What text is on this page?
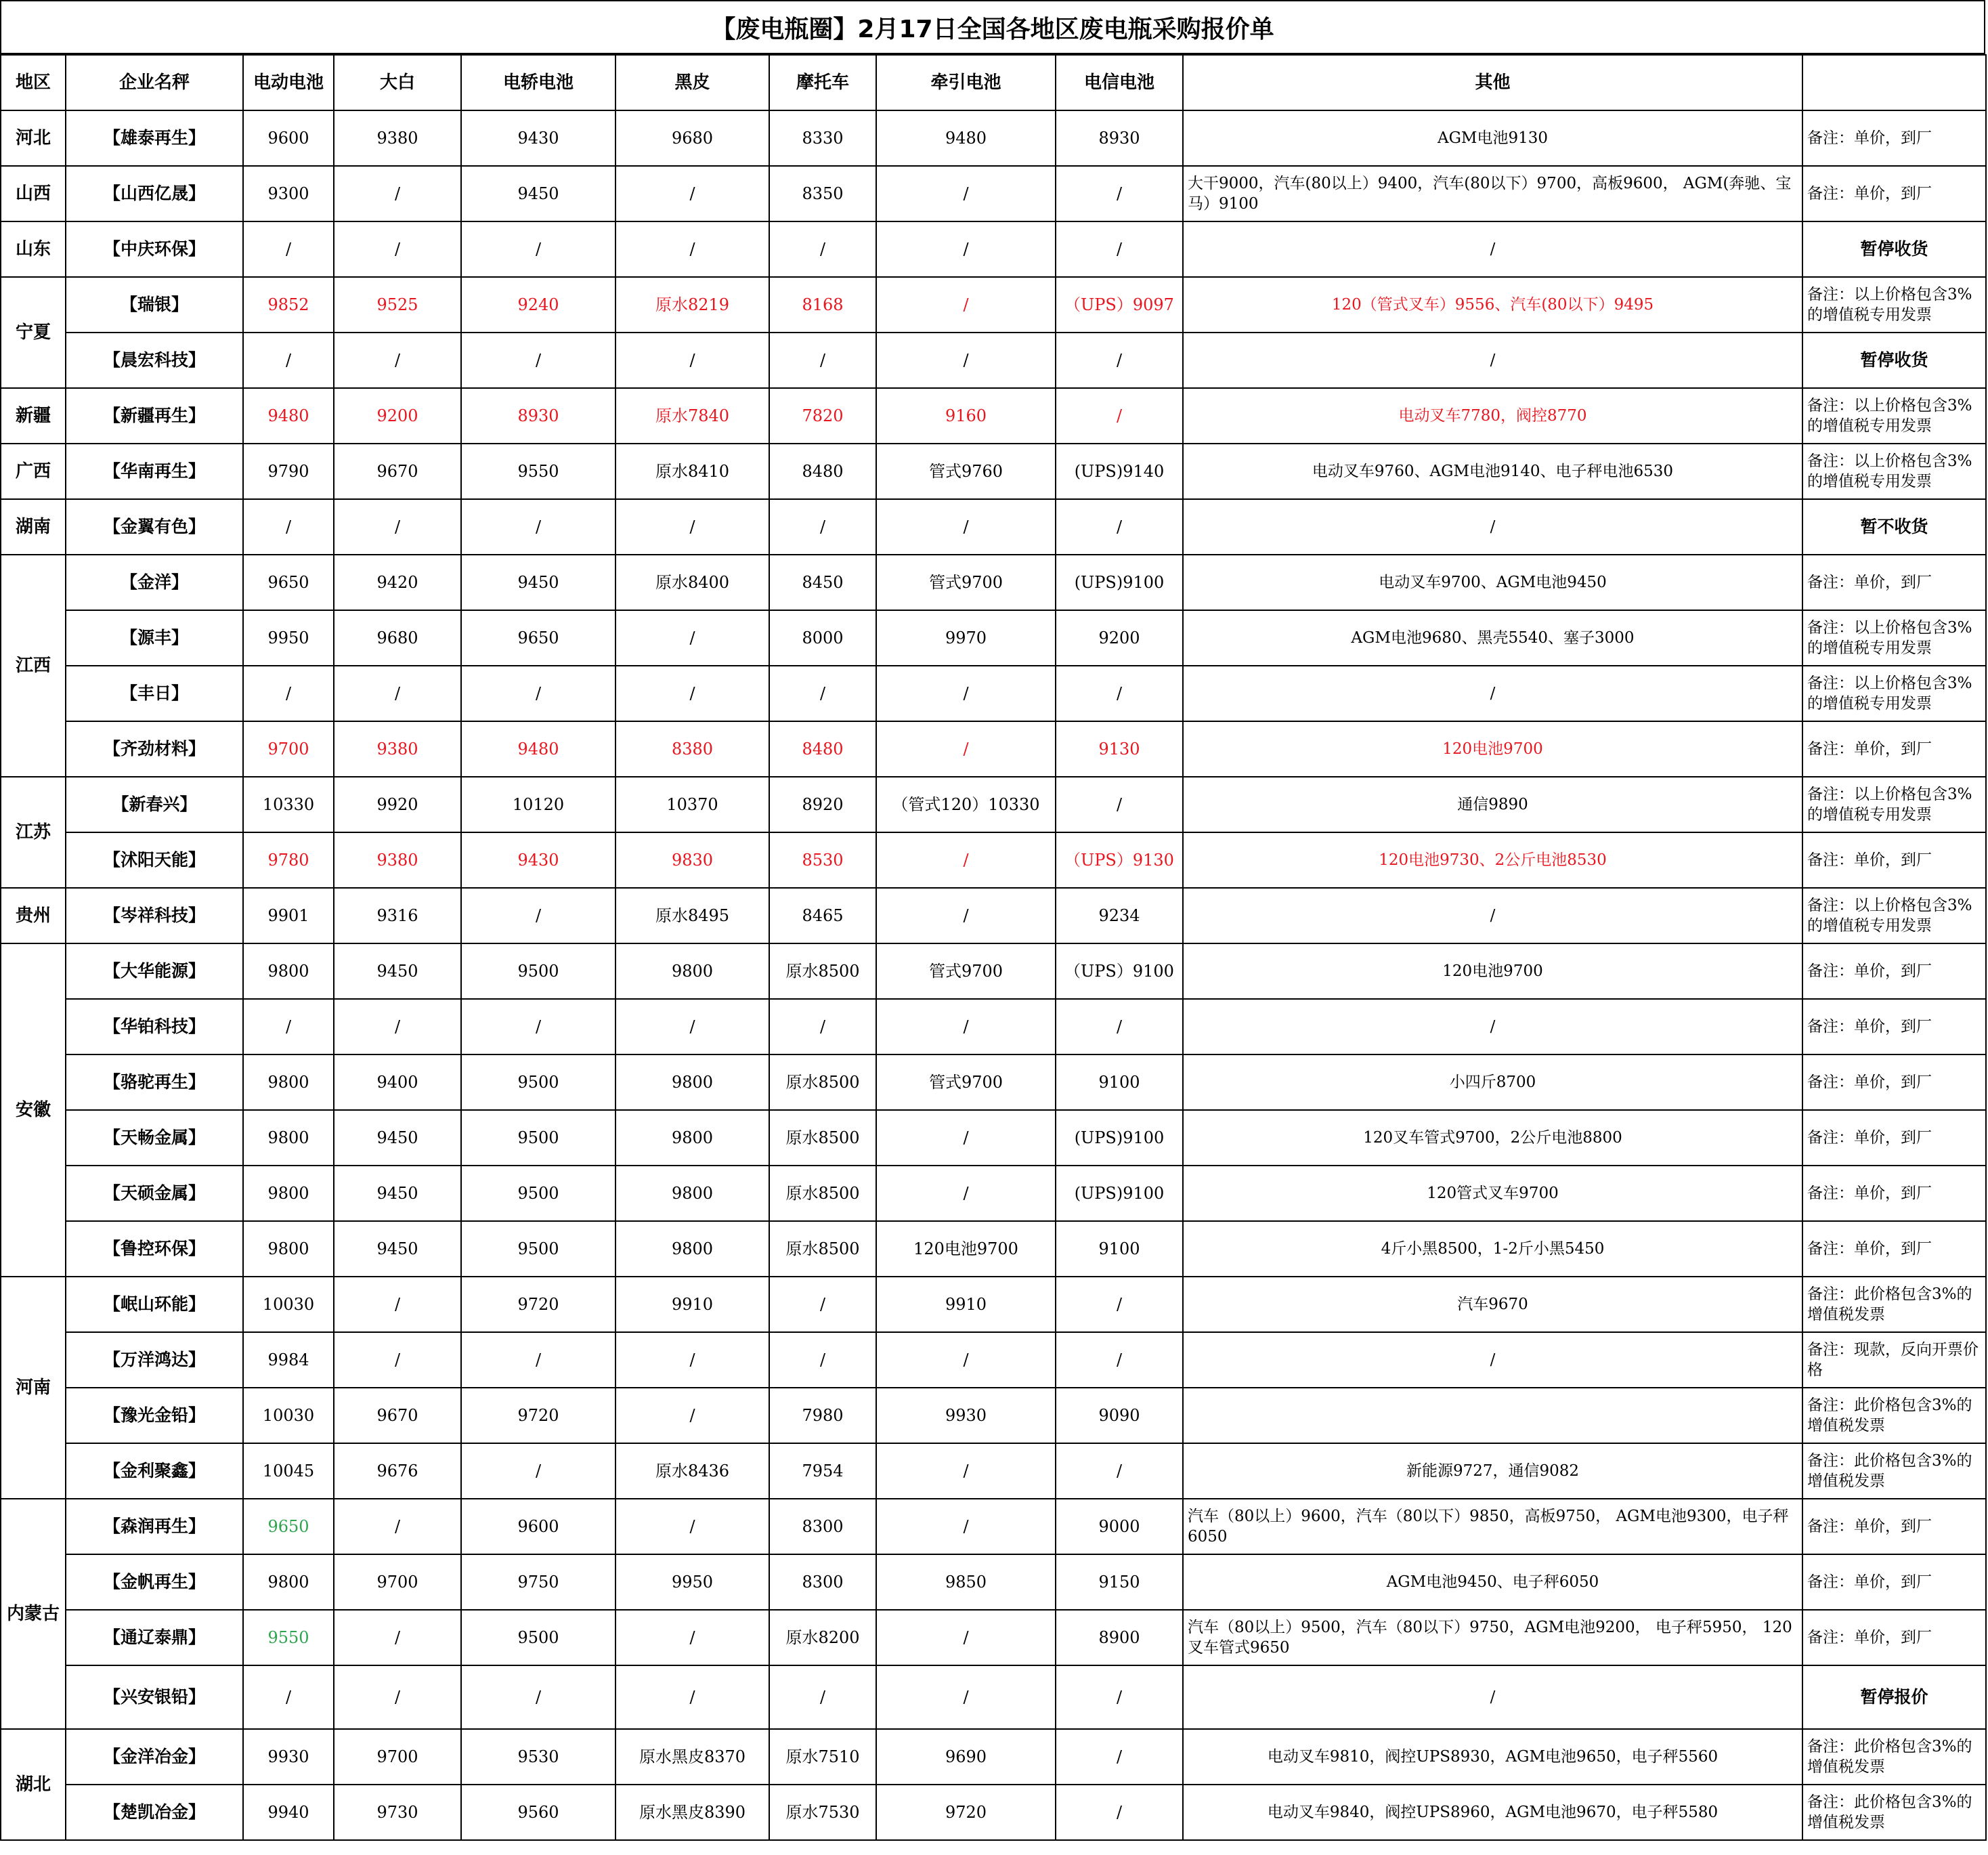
【废电瓶圈】2月17日全国各地区废电瓶采购报价单
地区	企业名秤	电动电池	大白	电轿电池	黑皮	摩托车	牵引电池	电信电池	其他	
河北	【雄泰再生】	9600	9380	9430	9680	8330	9480	8930	AGM电池9130	备注：单价，到厂
山西	【山西亿晟】	9300	/	9450	/	8350	/	/	大干9000，汽车(80以上）9400，汽车(80以下）9700，高板9600， AGM(奔驰、宝马）9100	备注：单价，到厂
山东	【中庆环保】	/	/	/	/	/	/	/	/	暂停收货
宁夏	【瑞银】	9852	9525	9240	原水8219	8168	/	（UPS）9097	120（管式叉车）9556、汽车(80以下）9495	备注：以上价格包含3%的增值税专用发票
	【晨宏科技】	/	/	/	/	/	/	/	/	暂停收货
新疆	【新疆再生】	9480	9200	8930	原水7840	7820	9160	/	电动叉车7780，阀控8770	备注：以上价格包含3%的增值税专用发票
广西	【华南再生】	9790	9670	9550	原水8410	8480	管式9760	(UPS)9140	电动叉车9760、AGM电池9140、电子秤电池6530	备注：以上价格包含3%的增值税专用发票
湖南	【金翼有色】	/	/	/	/	/	/	/	/	暂不收货
江西	【金洋】	9650	9420	9450	原水8400	8450	管式9700	(UPS)9100	电动叉车9700、AGM电池9450	备注：单价，到厂
	【源丰】	9950	9680	9650	/	8000	9970	9200	AGM电池9680、黑壳5540、塞子3000	备注：以上价格包含3%的增值税专用发票
	【丰日】	/	/	/	/	/	/	/	/	备注：以上价格包含3%的增值税专用发票
	【齐劲材料】	9700	9380	9480	8380	8480	/	9130	120电池9700	备注：单价，到厂
江苏	【新春兴】	10330	9920	10120	10370	8920	（管式120）10330	/	通信9890	备注：以上价格包含3%的增值税专用发票
	【沭阳天能】	9780	9380	9430	9830	8530	/	（UPS）9130	120电池9730、2公斤电池8530	备注：单价，到厂
贵州	【岑祥科技】	9901	9316	/	原水8495	8465	/	9234	/	备注：以上价格包含3%的增值税专用发票
安徽	【大华能源】	9800	9450	9500	9800	原水8500	管式9700	（UPS）9100	120电池9700	备注：单价，到厂
	【华铂科技】	/	/	/	/	/	/	/	/	备注：单价，到厂
	【骆驼再生】	9800	9400	9500	9800	原水8500	管式9700	9100	小四斤8700	备注：单价，到厂
	【天畅金属】	9800	9450	9500	9800	原水8500	/	(UPS)9100	120叉车管式9700，2公斤电池8800	备注：单价，到厂
	【天硕金属】	9800	9450	9500	9800	原水8500	/	(UPS)9100	120管式叉车9700	备注：单价，到厂
	【鲁控环保】	9800	9450	9500	9800	原水8500	120电池9700	9100	4斤小黑8500，1-2斤小黑5450	备注：单价，到厂
河南	【岷山环能】	10030	/	9720	9910	/	9910	/	汽车9670	备注：此价格包含3%的增值税发票
	【万洋鸿达】	9984	/	/	/	/	/	/	/	备注：现款，反向开票价格
	【豫光金铅】	10030	9670	9720	/	7980	9930	9090		备注：此价格包含3%的增值税发票
	【金利聚鑫】	10045	9676	/	原水8436	7954	/	/	新能源9727，通信9082	备注：此价格包含3%的增值税发票
内蒙古	【森润再生】	9650	/	9600	/	8300	/	9000	汽车（80以上）9600，汽车（80以下）9850，高板9750， AGM电池9300，电子秤6050	备注：单价，到厂
	【金帆再生】	9800	9700	9750	9950	8300	9850	9150	AGM电池9450、电子秤6050	备注：单价，到厂
	【通辽泰鼎】	9550	/	9500	/	原水8200	/	8900	汽车（80以上）9500，汽车（80以下）9750，AGM电池9200， 电子秤5950， 120叉车管式9650	备注：单价，到厂
	【兴安银铅】	/	/	/	/	/	/	/	/	暂停报价
湖北	【金洋冶金】	9930	9700	9530	原水黑皮8370	原水7510	9690	/	电动叉车9810，阀控UPS8930，AGM电池9650，电子秤5560	备注：此价格包含3%的增值税发票
	【楚凯冶金】	9940	9730	9560	原水黑皮8390	原水7530	9720	/	电动叉车9840，阀控UPS8960，AGM电池9670，电子秤5580	备注：此价格包含3%的增值税发票
